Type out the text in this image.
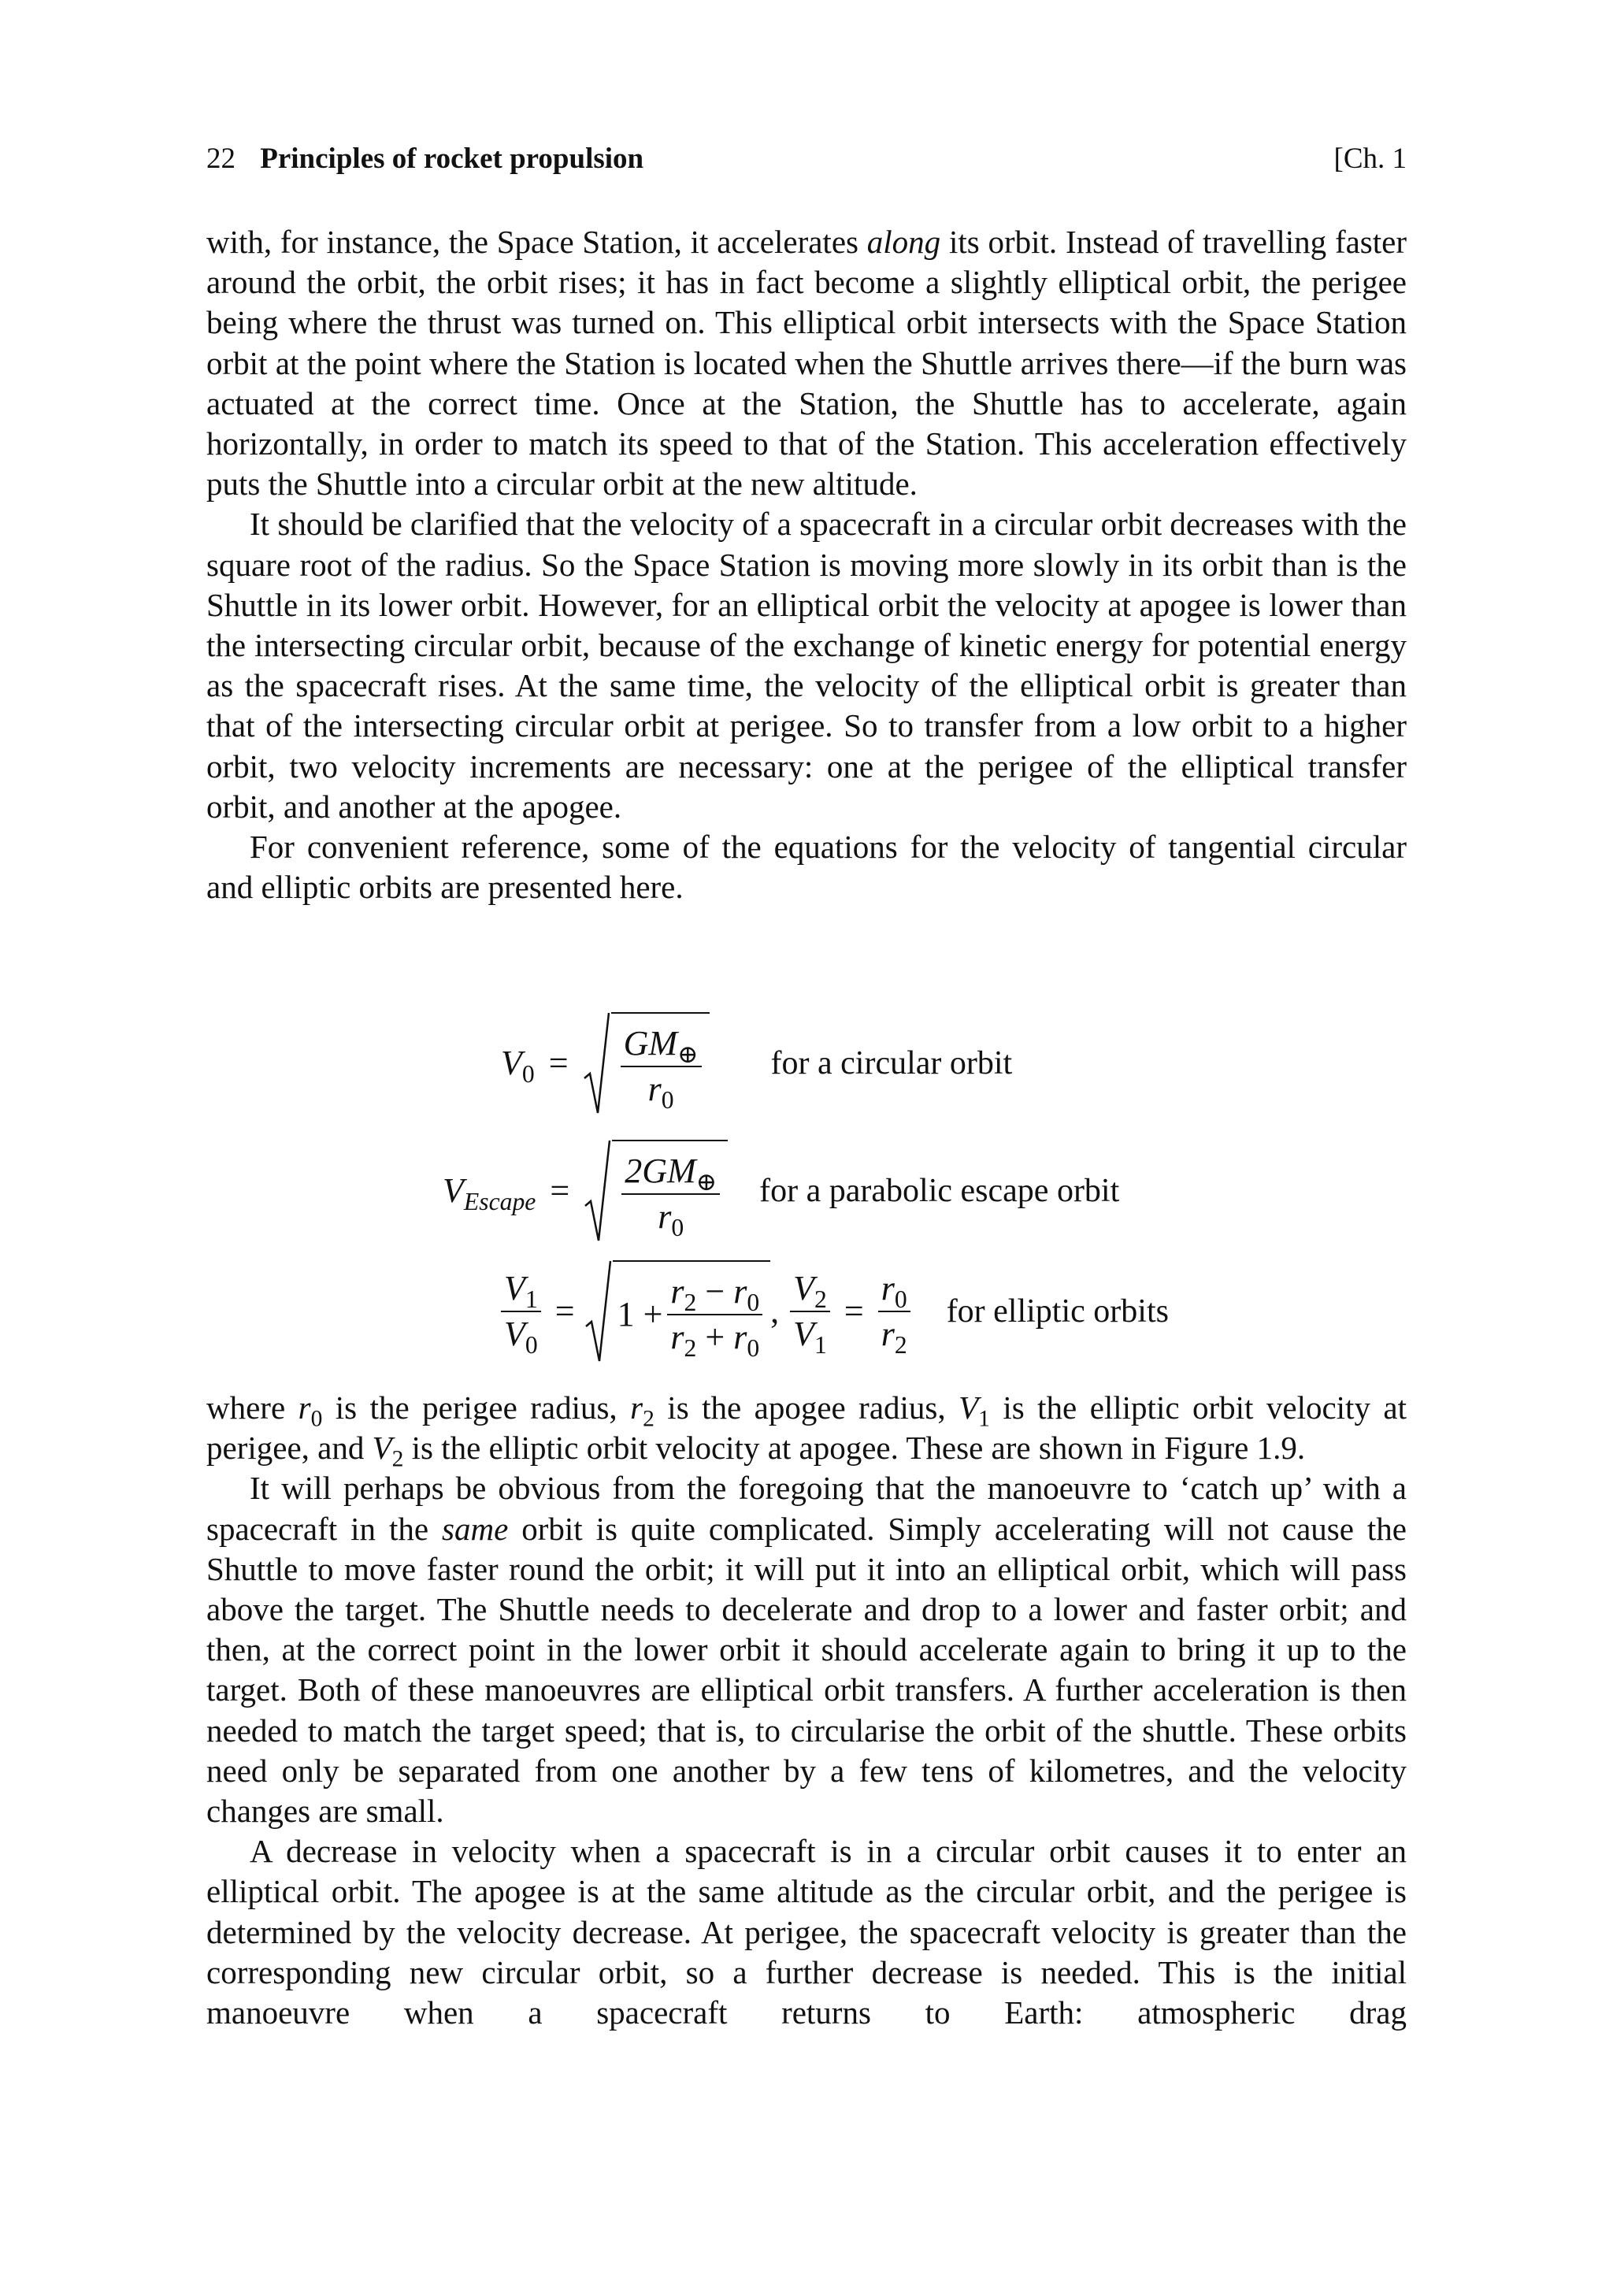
22 Principles of rocket propulsion	[Ch. 1

with, for instance, the Space Station, it accelerates along its orbit. Instead of travelling faster around the orbit, the orbit rises; it has in fact become a slightly elliptical orbit, the perigee being where the thrust was turned on. This elliptical orbit intersects with the Space Station orbit at the point where the Station is located when the Shuttle arrives there—if the burn was actuated at the correct time. Once at the Station, the Shuttle has to accelerate, again horizontally, in order to match its speed to that of the Station. This acceleration effectively puts the Shuttle into a circular orbit at the new altitude.

It should be clarified that the velocity of a spacecraft in a circular orbit decreases with the square root of the radius. So the Space Station is moving more slowly in its orbit than is the Shuttle in its lower orbit. However, for an elliptical orbit the velocity at apogee is lower than the intersecting circular orbit, because of the exchange of kinetic energy for potential energy as the spacecraft rises. At the same time, the velocity of the elliptical orbit is greater than that of the intersecting circular orbit at perigee. So to transfer from a low orbit to a higher orbit, two velocity increments are necessary: one at the perigee of the elliptical transfer orbit, and another at the apogee.

For convenient reference, some of the equations for the velocity of tangential circular and elliptic orbits are presented here.

$V_0 = \frac{GM_\oplus}{r_0}$ for a circular orbit
$V_{Escape} = \frac{2GM_\oplus}{r_0}$ for a parabolic escape orbit
$\frac{V_1}{V_0} = 1 + \frac{r_2 - r_0}{r_2 + r_0}$ , $\frac{V_2}{V_1} = \frac{r_0}{r_2}$ for elliptic orbits

where $r_0$ is the perigee radius, $r_2$ is the apogee radius, $V_1$ is the elliptic orbit velocity at perigee, and $V_2$ is the elliptic orbit velocity at apogee. These are shown in Figure 1.9.

It will perhaps be obvious from the foregoing that the manoeuvre to ‘catch up’ with a spacecraft in the same orbit is quite complicated. Simply accelerating will not cause the Shuttle to move faster round the orbit; it will put it into an elliptical orbit, which will pass above the target. The Shuttle needs to decelerate and drop to a lower and faster orbit; and then, at the correct point in the lower orbit it should accelerate again to bring it up to the target. Both of these manoeuvres are elliptical orbit transfers. A further acceleration is then needed to match the target speed; that is, to circularise the orbit of the shuttle. These orbits need only be separated from one another by a few tens of kilometres, and the velocity changes are small.

A decrease in velocity when a spacecraft is in a circular orbit causes it to enter an elliptical orbit. The apogee is at the same altitude as the circular orbit, and the perigee is determined by the velocity decrease. At perigee, the spacecraft velocity is greater than the corresponding new circular orbit, so a further decrease is needed. This is the initial manoeuvre when a spacecraft returns to Earth: atmospheric drag
